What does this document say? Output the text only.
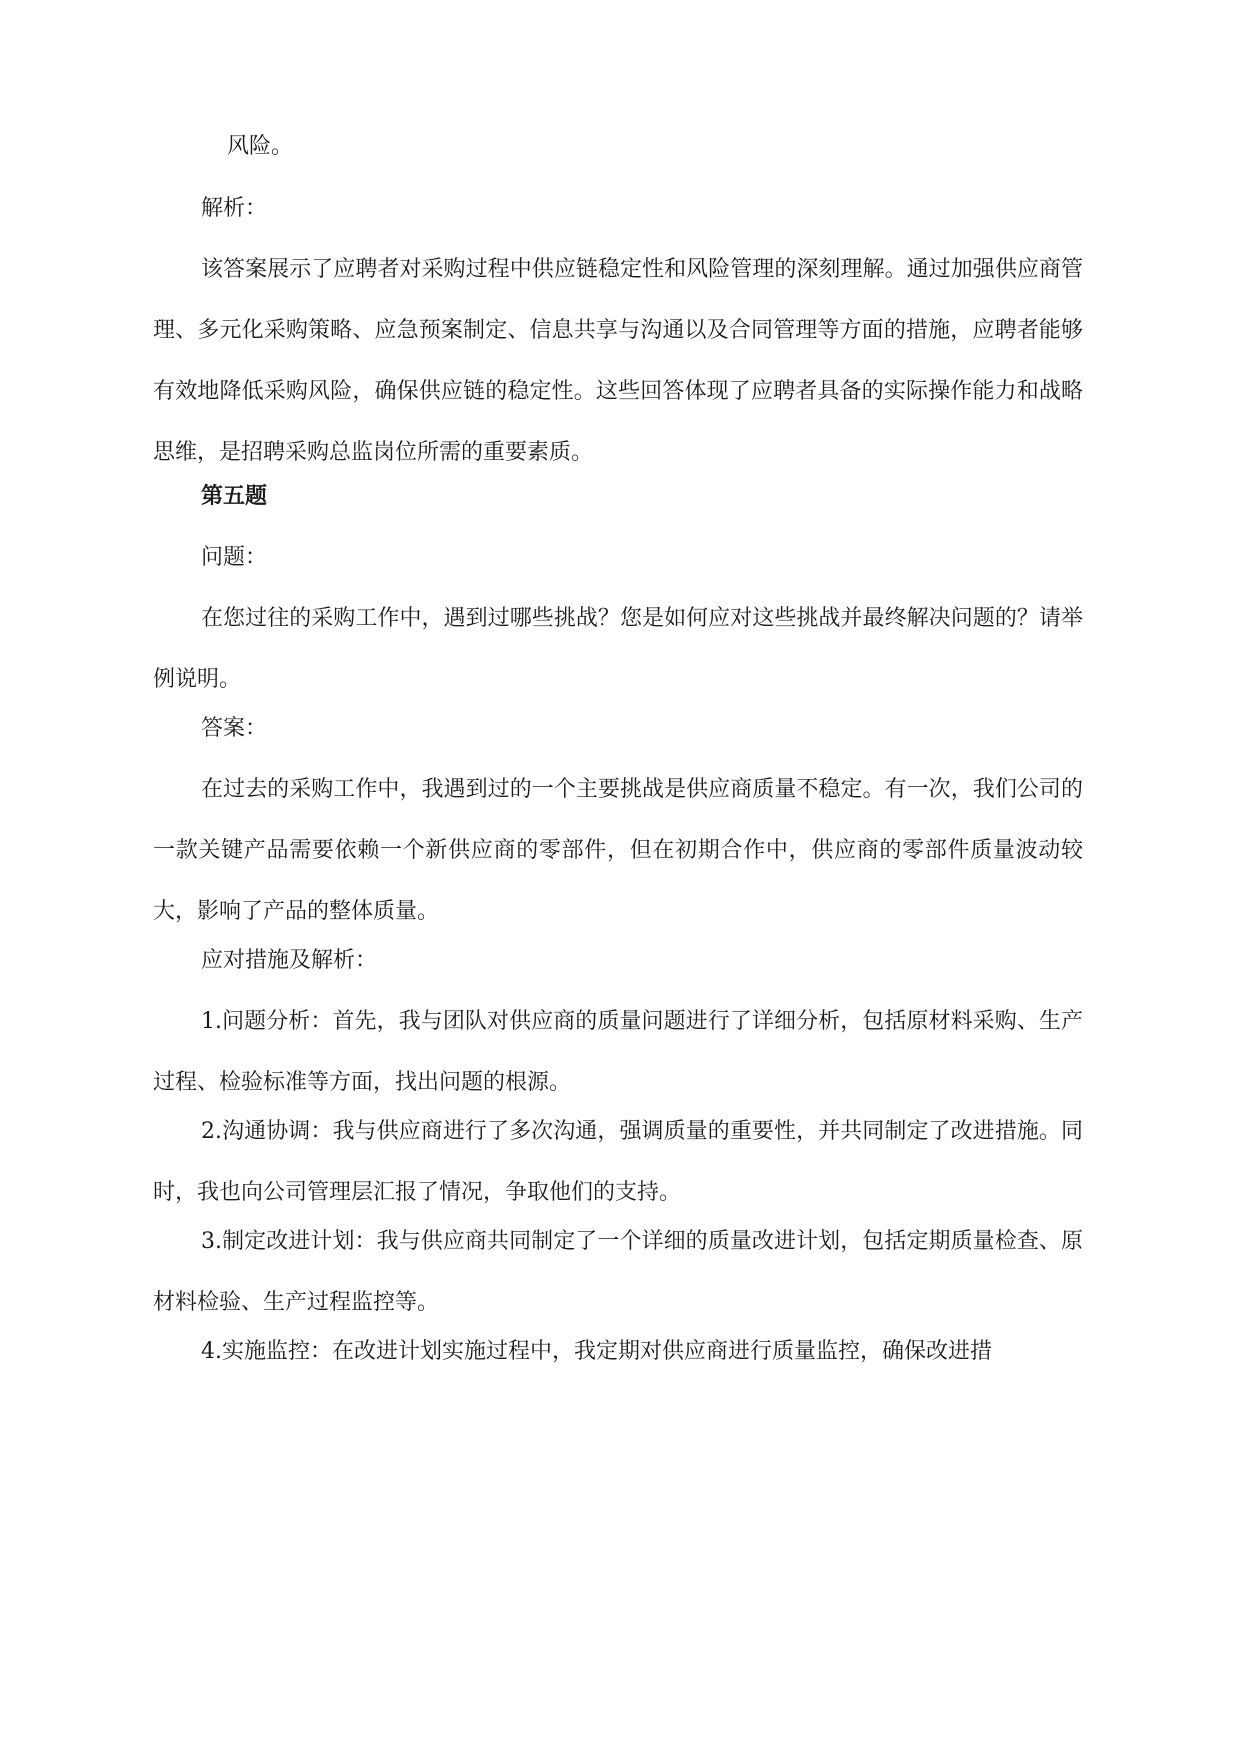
风险。

解析：

该答案展示了应聘者对采购过程中供应链稳定性和风险管理的深刻理解。通过加强供应商管理、多元化采购策略、应急预案制定、信息共享与沟通以及合同管理等方面的措施，应聘者能够有效地降低采购风险，确保供应链的稳定性。这些回答体现了应聘者具备的实际操作能力和战略思维，是招聘采购总监岗位所需的重要素质。

第五题

问题：

在您过往的采购工作中，遇到过哪些挑战？您是如何应对这些挑战并最终解决问题的？请举例说明。

答案：

在过去的采购工作中，我遇到过的一个主要挑战是供应商质量不稳定。有一次，我们公司的一款关键产品需要依赖一个新供应商的零部件，但在初期合作中，供应商的零部件质量波动较大，影响了产品的整体质量。

应对措施及解析：

1.问题分析：首先，我与团队对供应商的质量问题进行了详细分析，包括原材料采购、生产过程、检验标准等方面，找出问题的根源。

2.沟通协调：我与供应商进行了多次沟通，强调质量的重要性，并共同制定了改进措施。同时，我也向公司管理层汇报了情况，争取他们的支持。

3.制定改进计划：我与供应商共同制定了一个详细的质量改进计划，包括定期质量检查、原材料检验、生产过程监控等。

4.实施监控：在改进计划实施过程中，我定期对供应商进行质量监控，确保改进措
